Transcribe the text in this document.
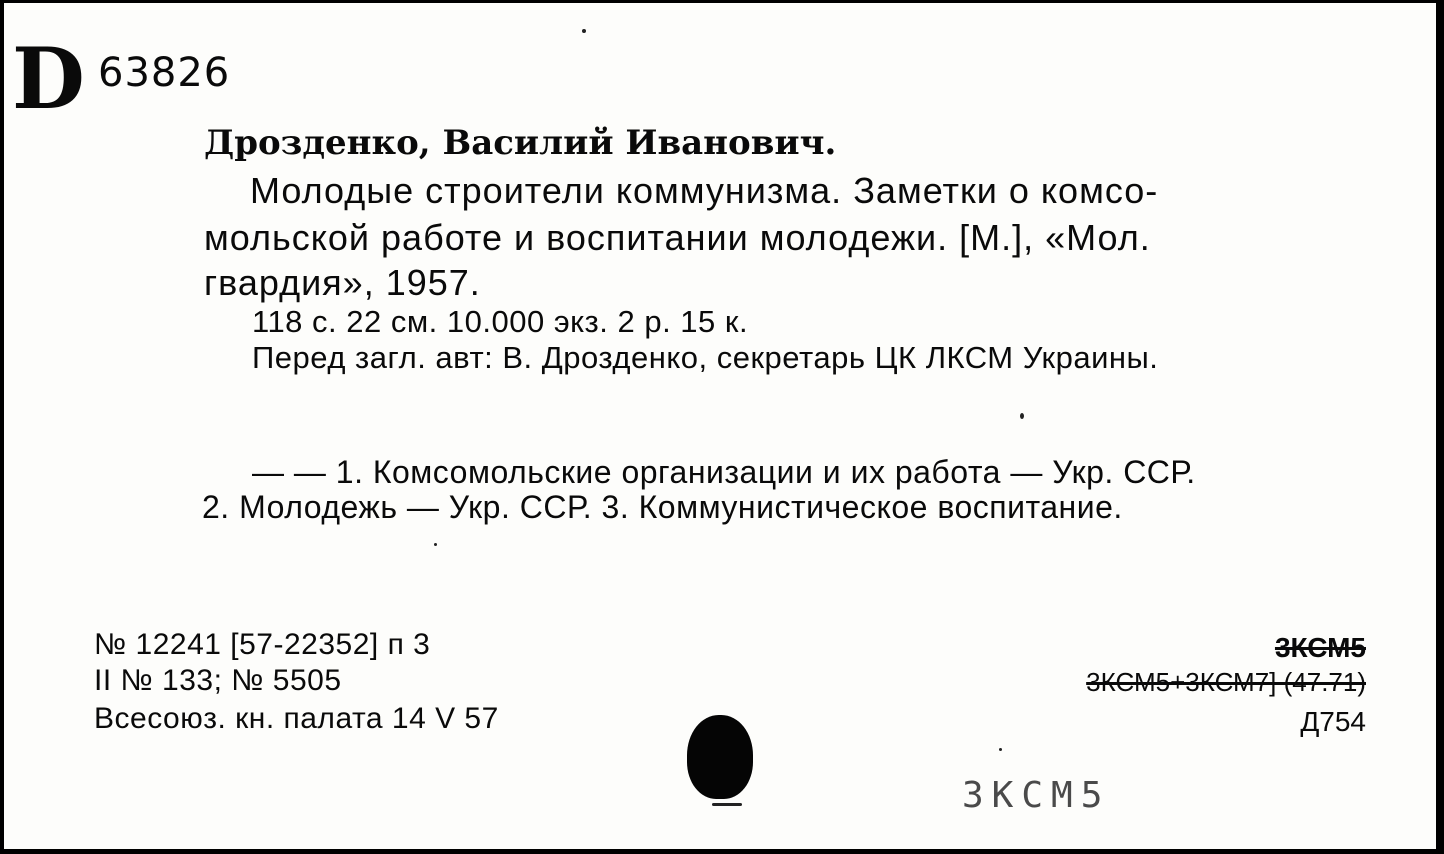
D 63826
Дрозденко, Василий Иванович.
Молодые строители коммунизма. Заметки о комсо-
мольской работе и воспитании молодежи. [М.], «Мол.
гвардия», 1957.
118 с. 22 см. 10.000 экз. 2 р. 15 к.
Перед загл. авт: В. Дрозденко, секретарь ЦК ЛКСМ Украины.
— — 1. Комсомольские организации и их работа — Укр. ССР.
2. Молодежь — Укр. ССР. 3. Коммунистическое воспитание.
№ 12241 [57-22352] п 3
II № 133; № 5505
Всесоюз. кн. палата 14 V 57
3КСМ5
3КСМ5+3КСМ7] (47.71)
Д754
3КСМ5
